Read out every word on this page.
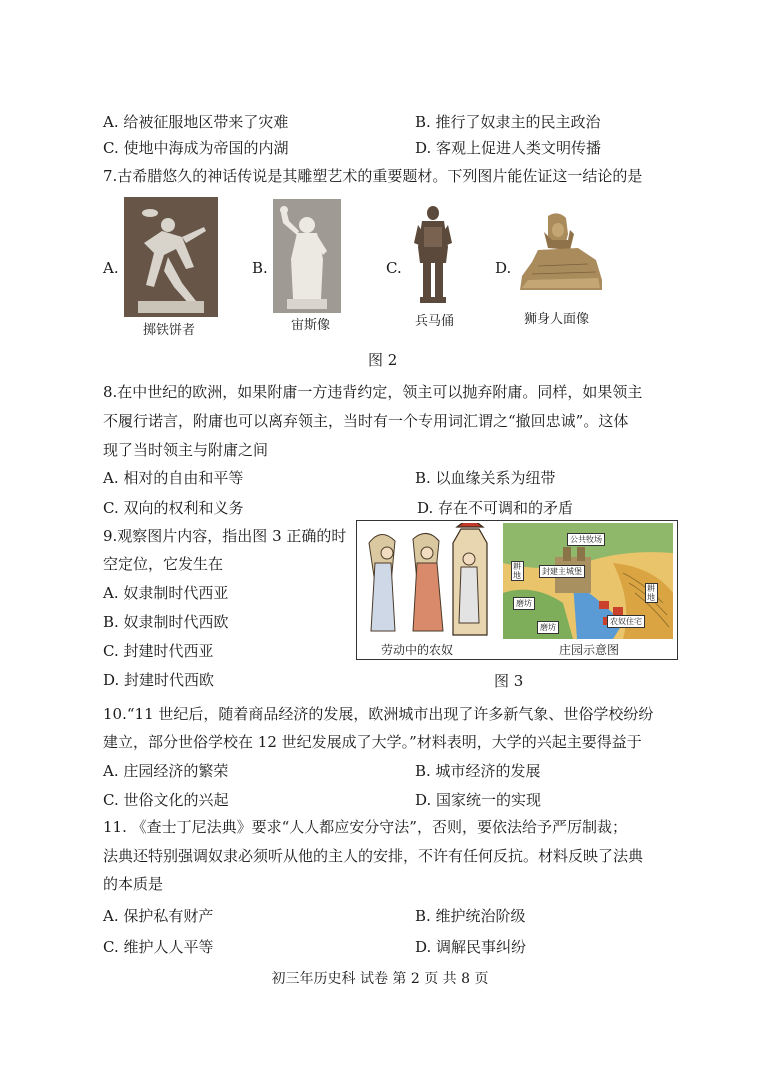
A. 给被征服地区带来了灾难	B. 推行了奴隶主的民主政治
C. 使地中海成为帝国的内湖	D. 客观上促进人类文明传播
7.古希腊悠久的神话传说是其雕塑艺术的重要题材。下列图片能佐证这一结论的是
A.
掷铁饼者
B.
宙斯像
C.
兵马俑
D.
狮身人面像
图 2
8.在中世纪的欧洲，如果附庸一方违背约定，领主可以抛弃附庸。同样，如果领主
不履行诺言，附庸也可以离弃领主，当时有一个专用词汇谓之“撤回忠诚”。这体
现了当时领主与附庸之间
A. 相对的自由和平等	B. 以血缘关系为纽带
C. 双向的权利和义务	D. 存在不可调和的矛盾
9.观察图片内容，指出图 3 正确的时
空定位，它发生在
A. 奴隶制时代西亚
B. 奴隶制时代西欧
C. 封建时代西亚
D. 封建时代西欧
劳动中的农奴
公共牧场
耕地	封建主城堡
磨坊
耕地
农奴住宅
磨坊
庄园示意图
图 3
10.“11 世纪后，随着商品经济的发展，欧洲城市出现了许多新气象、世俗学校纷纷
建立，部分世俗学校在 12 世纪发展成了大学。”材料表明，大学的兴起主要得益于
A. 庄园经济的繁荣	B. 城市经济的发展
C. 世俗文化的兴起	D. 国家统一的实现
11. 《查士丁尼法典》要求“人人都应安分守法”，否则，要依法给予严厉制裁；
法典还特别强调奴隶必须听从他的主人的安排，不许有任何反抗。材料反映了法典
的本质是
A. 保护私有财产	B. 维护统治阶级
C. 维护人人平等	D. 调解民事纠纷
初三年历史科 试卷 第 2 页 共 8 页
